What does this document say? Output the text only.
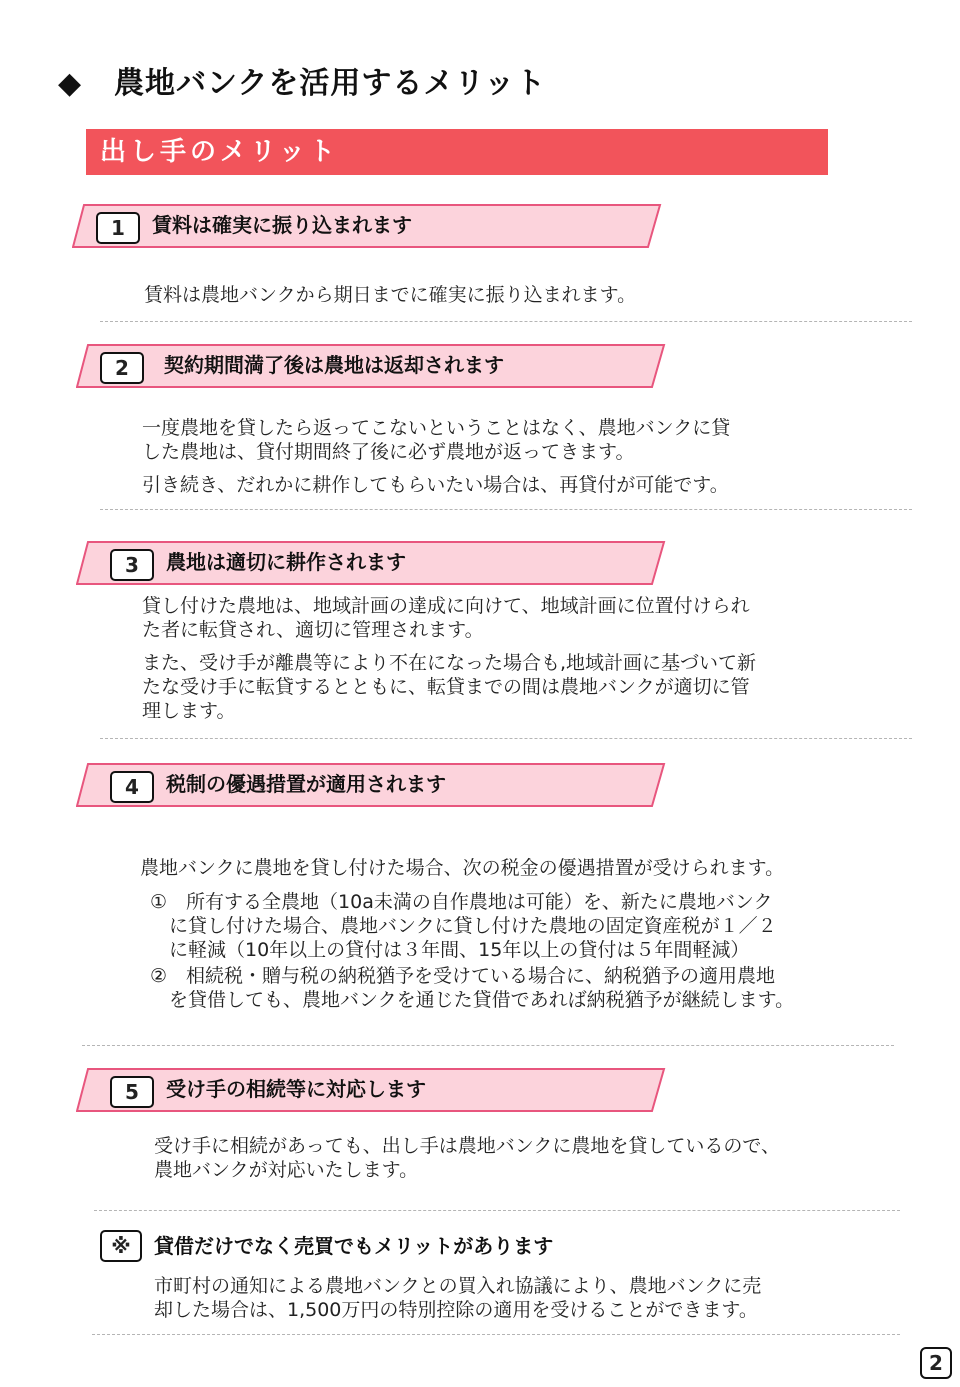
◆ 農地バンクを活用するメリット
出し手のメリット
1	賃料は確実に振り込まれます
賃料は農地バンクから期日までに確実に振り込まれます。
2	契約期間満了後は農地は返却されます
一度農地を貸したら返ってこないということはなく、農地バンクに貸
した農地は、貸付期間終了後に必ず農地が返ってきます。
引き続き、だれかに耕作してもらいたい場合は、再貸付が可能です。
3	農地は適切に耕作されます
貸し付けた農地は、地域計画の達成に向けて、地域計画に位置付けられ
た者に転貸され、適切に管理されます。
また、受け手が離農等により不在になった場合も,地域計画に基づいて新
たな受け手に転貸するとともに、転貸までの間は農地バンクが適切に管
理します。
4	税制の優遇措置が適用されます
農地バンクに農地を貸し付けた場合、次の税金の優遇措置が受けられます。
①　所有する全農地（10a未満の自作農地は可能）を、新たに農地バンク
　に貸し付けた場合、農地バンクに貸し付けた農地の固定資産税が１／２
　に軽減（10年以上の貸付は３年間、15年以上の貸付は５年間軽減）
②　相続税・贈与税の納税猶予を受けている場合に、納税猶予の適用農地
　を貸借しても、農地バンクを通じた貸借であれば納税猶予が継続します。
5	受け手の相続等に対応します
受け手に相続があっても、出し手は農地バンクに農地を貸しているので、
農地バンクが対応いたします。
※	貸借だけでなく売買でもメリットがあります
市町村の通知による農地バンクとの買入れ協議により、農地バンクに売
却した場合は、1,500万円の特別控除の適用を受けることができます。
2
